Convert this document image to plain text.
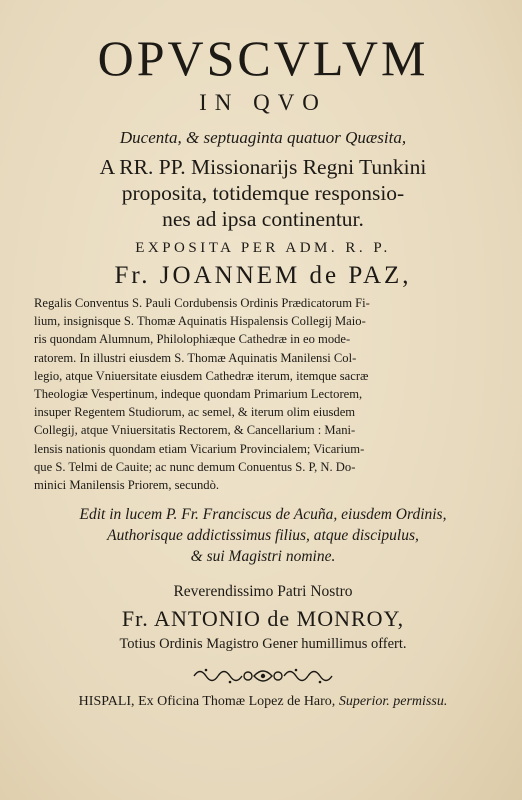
OPVSCVLVM

IN QVO

Ducenta, & septuaginta quatuor Quæsita,

A RR. PP. Missionarijs Regni Tunkini

proposita, totidemque responsio-

nes ad ipsa continentur.

EXPOSITA PER ADM. R. P.

Fr. JOANNEM de PAZ,

Regalis Conventus S. Pauli Cordubensis Ordinis Prædicatorum Fi-
lium, insignisque S. Thomæ Aquinatis Hispalensis Collegij Maio-
ris quondam Alumnum, Philolophiæque Cathedræ in eo mode-
ratorem. In illustri eiusdem S. Thomæ Aquinatis Manilensi Col-
legio, atque Vniuersitate eiusdem Cathedræ iterum, itemque sacræ
Theologiæ Vespertinum, indeque quondam Primarium Lectorem,
insuper Regentem Studiorum, ac semel, & iterum olim eiusdem
Collegij, atque Vniuersitatis Rectorem, & Cancellarium : Mani-
lensis nationis quondam etiam Vicarium Provincialem; Vicarium-
que S. Telmi de Cauite; ac nunc demum Conuentus S. P, N. Do-
minici Manilensis Priorem, secundò.

Edit in lucem P. Fr. Franciscus de Acuña, eiusdem Ordinis,

Authorisque addictissimus filius, atque discipulus,

& sui Magistri nomine.

Reverendissimo Patri Nostro

Fr. ANTONIO de MONROY,

Totius Ordinis Magistro Gener humillimus offert.

HISPALI, Ex Oficina Thomæ Lopez de Haro, Superior. permissu.
